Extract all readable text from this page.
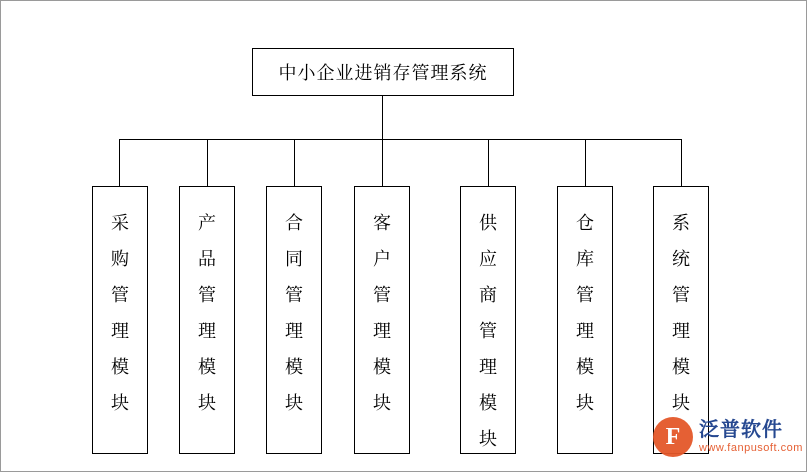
中小企业进销存管理系统
采
购
管
理
模
块
产
品
管
理
模
块
合
同
管
理
模
块
客
户
管
理
模
块
供
应
商
管
理
模
块
仓
库
管
理
模
块
系
统
管
理
模
块
F 泛普软件
www.fanpusoft.com
